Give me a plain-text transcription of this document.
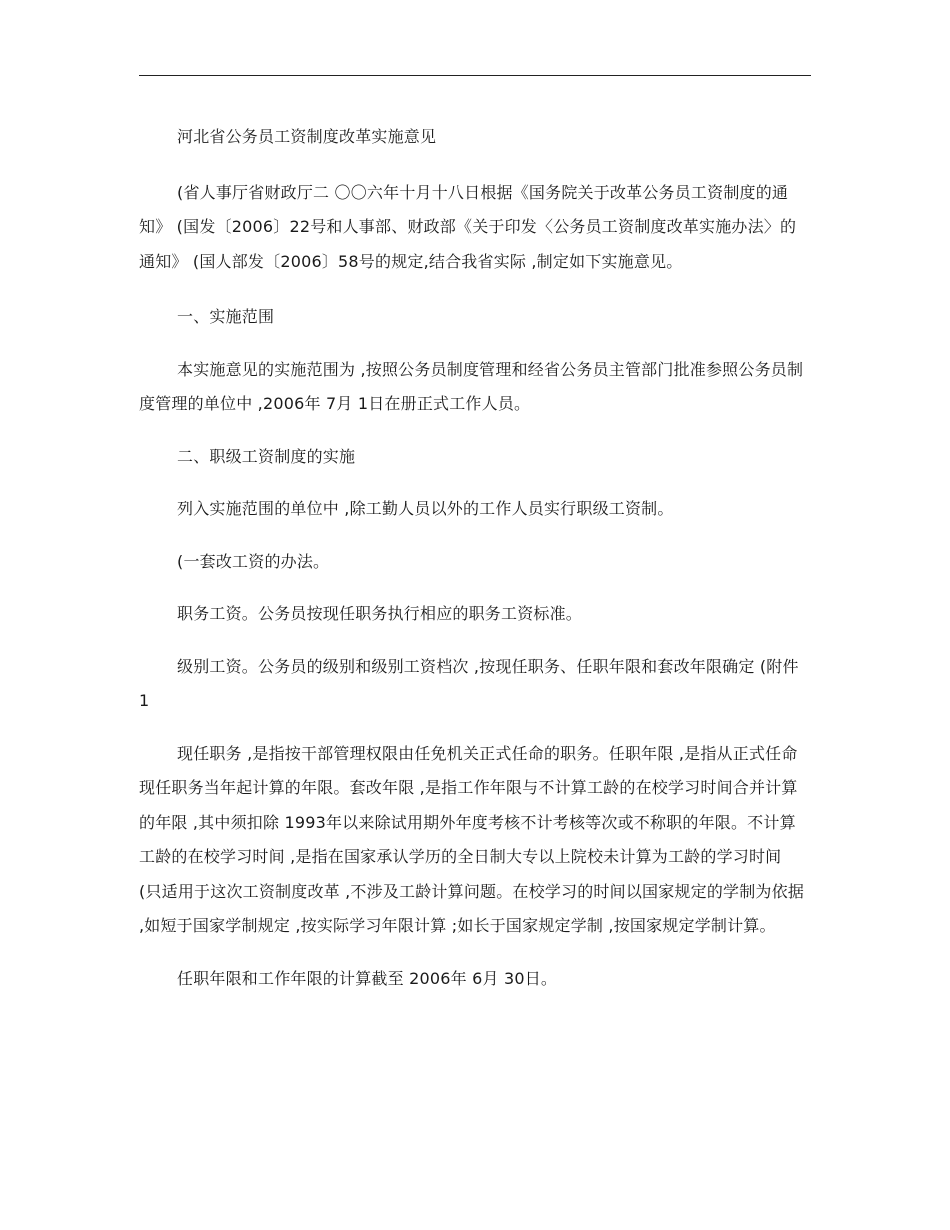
河北省公务员工资制度改革实施意见

(省人事厅省财政厅二 〇〇六年十月十八日根据《国务院关于改革公务员工资制度的通知》 (国发〔2006〕22号和人事部、财政部《关于印发〈公务员工资制度改革实施办法〉的通知》 (国人部发〔2006〕58号的规定,结合我省实际 ,制定如下实施意见。

一、实施范围

本实施意见的实施范围为 ,按照公务员制度管理和经省公务员主管部门批准参照公务员制度管理的单位中 ,2006年 7月 1日在册正式工作人员。

二、职级工资制度的实施

列入实施范围的单位中 ,除工勤人员以外的工作人员实行职级工资制。

(一套改工资的办法。

职务工资。公务员按现任职务执行相应的职务工资标准。

级别工资。公务员的级别和级别工资档次 ,按现任职务、任职年限和套改年限确定 (附件 1

现任职务 ,是指按干部管理权限由任免机关正式任命的职务。任职年限 ,是指从正式任命现任职务当年起计算的年限。套改年限 ,是指工作年限与不计算工龄的在校学习时间合并计算的年限 ,其中须扣除 1993年以来除试用期外年度考核不计考核等次或不称职的年限。不计算工龄的在校学习时间 ,是指在国家承认学历的全日制大专以上院校未计算为工龄的学习时间 (只适用于这次工资制度改革 ,不涉及工龄计算问题。在校学习的时间以国家规定的学制为依据 ,如短于国家学制规定 ,按实际学习年限计算 ;如长于国家规定学制 ,按国家规定学制计算。

任职年限和工作年限的计算截至 2006年 6月 30日。
